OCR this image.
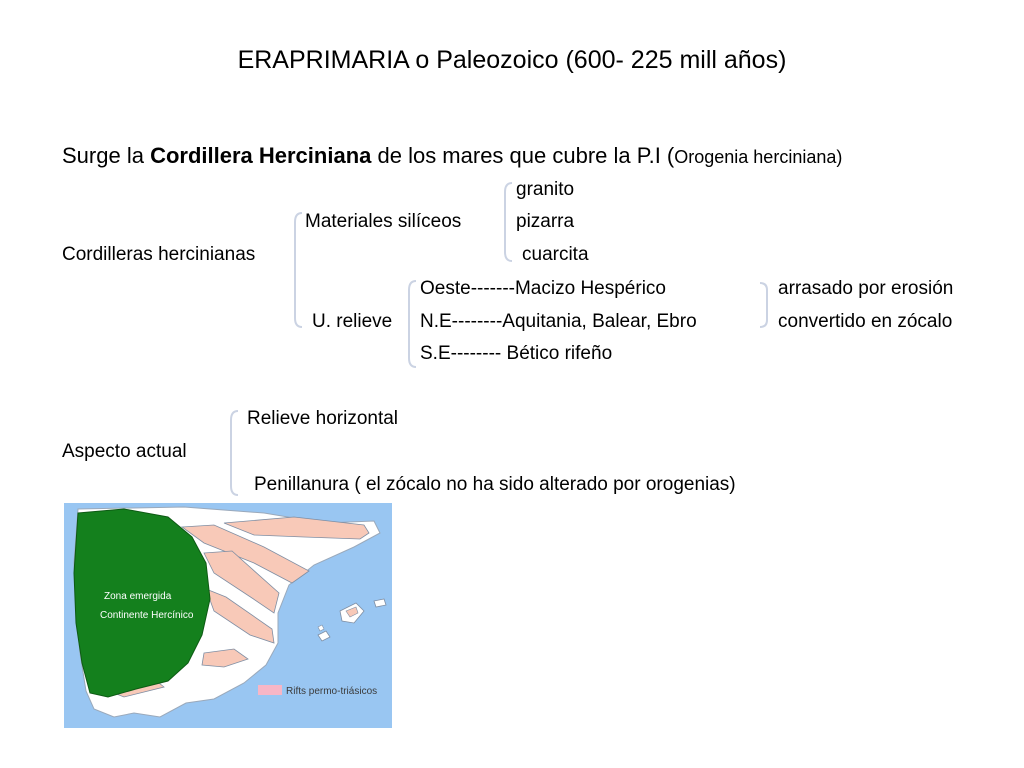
ERAPRIMARIA o Paleozoico (600- 225 mill años)
Surge la Cordillera Herciniana de los mares que cubre la P.I (Orogenia herciniana)
Cordilleras hercinianas
Materiales silíceos
granito
pizarra
cuarcita
U. relieve
Oeste-------Macizo Hespérico
N.E--------Aquitania, Balear, Ebro
S.E-------- Bético rifeño
arrasado por erosión
convertido en zócalo
Aspecto actual
Relieve horizontal
Penillanura ( el zócalo no ha sido alterado por orogenias)
Zona emergida
Continente Hercínico
Rifts permo-triásicos
